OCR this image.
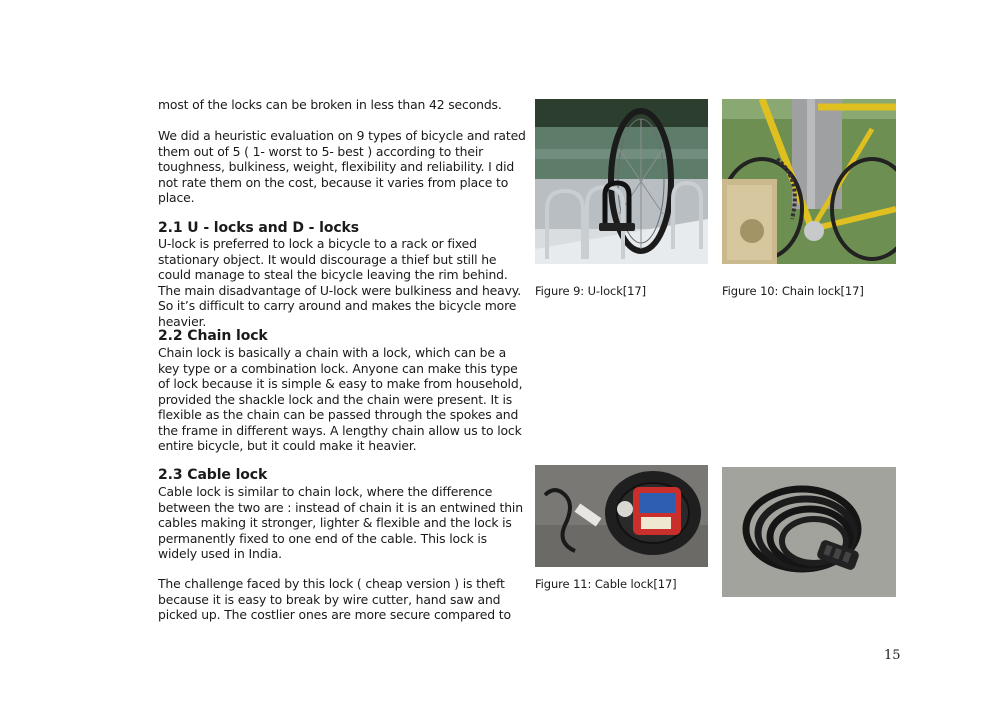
most of the locks can be broken in less than 42 seconds.

We did a heuristic evaluation on 9 types of bicycle and rated them out of 5 ( 1- worst to 5- best ) according to their toughness, bulkiness, weight, flexibility and reliability. I did not rate them on the cost, because it varies from place to place.

2.1 U - locks and D - locks

U-lock is preferred to lock a bicycle to a rack or fixed stationary object. It would discourage a thief but still he could manage to steal the bicycle leaving the rim behind. The main disadvantage of U-lock were bulkiness and heavy. So it’s difficult to carry around and makes the bicycle more heavier.

2.2 Chain lock

Chain lock is basically a chain with a lock, which can be a key type or a combination lock. Anyone can make this type of lock because it is simple & easy to make from household, provided the shackle lock and the chain were present. It is flexible as the chain can be passed through the spokes and the frame in different ways. A lengthy chain allow us to lock entire bicycle, but it could make it heavier.

2.3 Cable lock

Cable lock is similar to chain lock, where the difference between the two are : instead of chain it is an entwined thin cables making it stronger, lighter & flexible and the lock is permanently fixed to one end of the cable. This lock is widely used in India.

The challenge faced by this lock ( cheap version ) is theft because it is easy to break by wire cutter, hand saw and picked up. The costlier ones are more secure compared to

Figure 9: U-lock[17]	Figure 10: Chain lock[17]
Figure 11: Cable lock[17]
15
